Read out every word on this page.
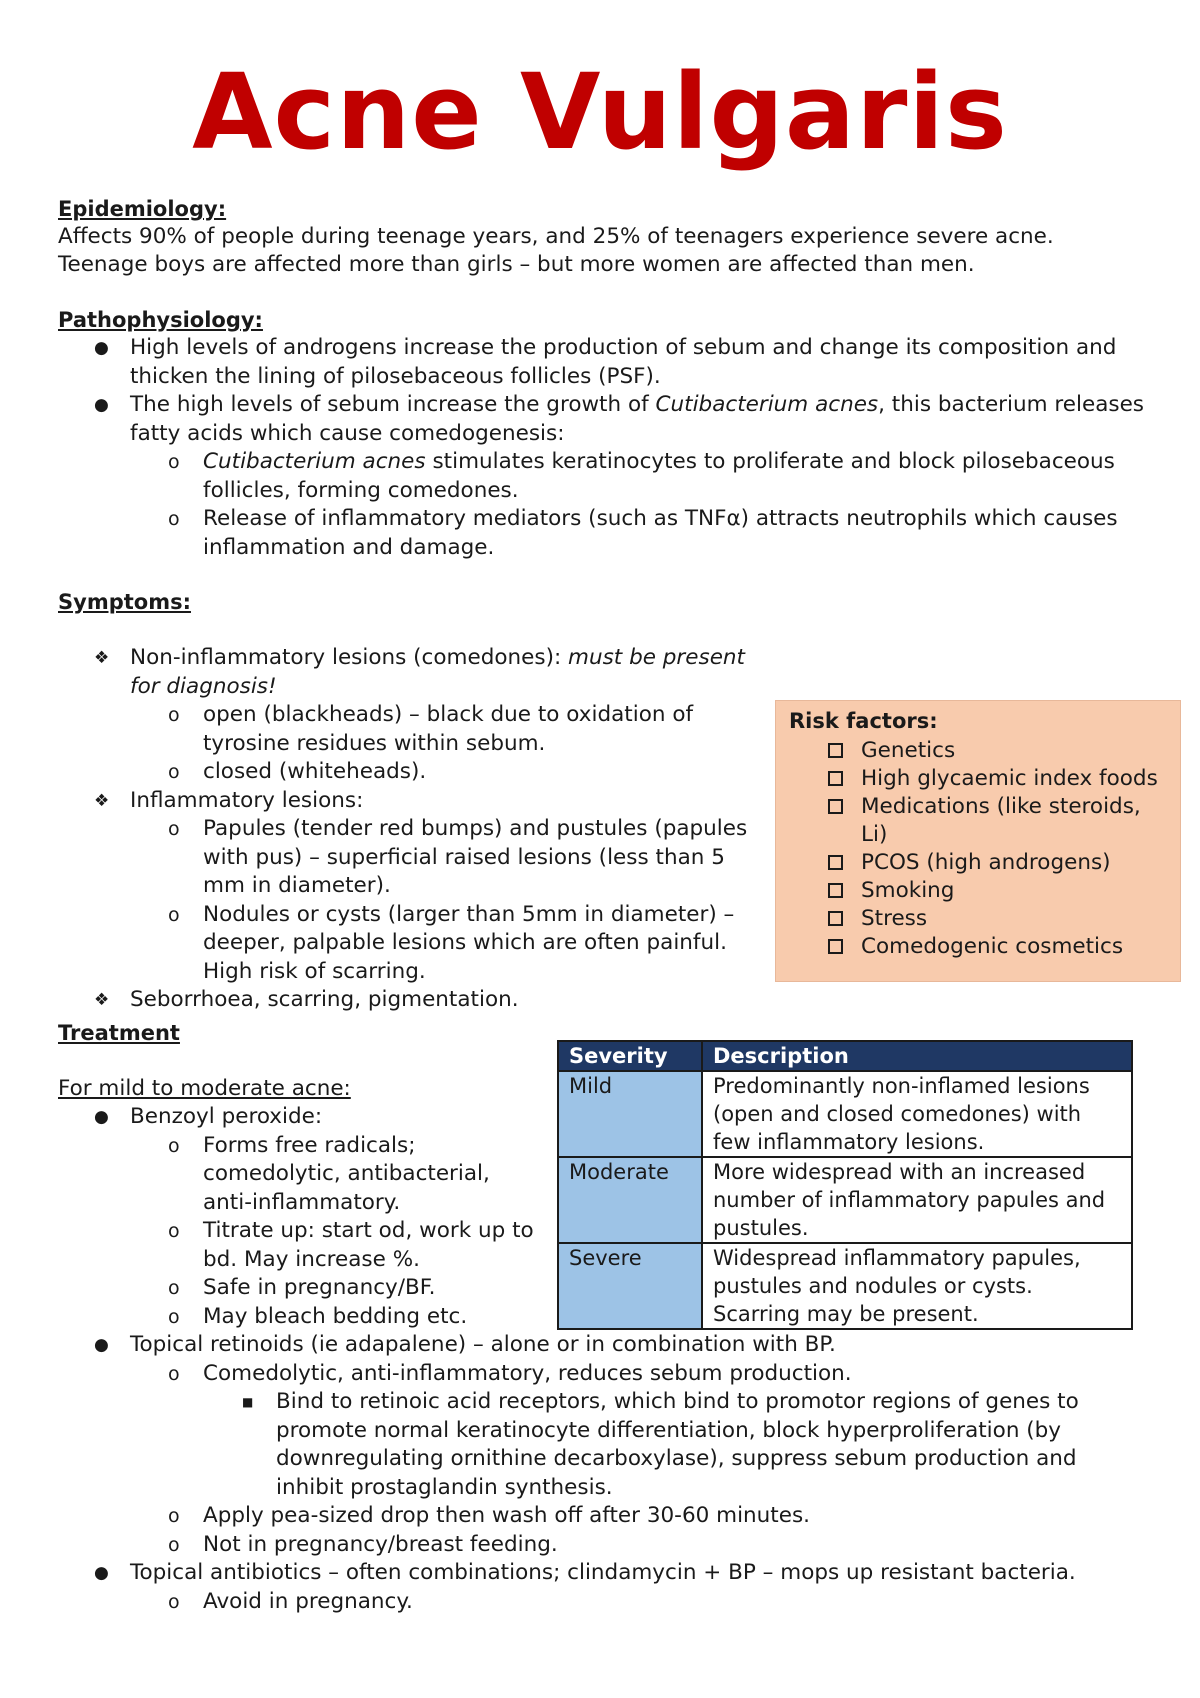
Acne Vulgaris
Epidemiology:
Affects 90% of people during teenage years, and 25% of teenagers experience severe acne.
Teenage boys are affected more than girls – but more women are affected than men.
Pathophysiology:
● High levels of androgens increase the production of sebum and change its composition and thicken the lining of pilosebaceous follicles (PSF).
● The high levels of sebum increase the growth of Cutibacterium acnes, this bacterium releases fatty acids which cause comedogenesis:
o Cutibacterium acnes stimulates keratinocytes to proliferate and block pilosebaceous follicles, forming comedones.
o Release of inflammatory mediators (such as TNFα) attracts neutrophils which causes inflammation and damage.
Symptoms:
❖ Non-inflammatory lesions (comedones): must be present for diagnosis!
o open (blackheads) – black due to oxidation of tyrosine residues within sebum.
o closed (whiteheads).
❖ Inflammatory lesions:
o Papules (tender red bumps) and pustules (papules with pus) – superficial raised lesions (less than 5 mm in diameter).
o Nodules or cysts (larger than 5mm in diameter) – deeper, palpable lesions which are often painful. High risk of scarring.
❖ Seborrhoea, scarring, pigmentation.
Risk factors:
Genetics
High glycaemic index foods
Medications (like steroids, Li)
PCOS (high androgens)
Smoking
Stress
Comedogenic cosmetics
Treatment
For mild to moderate acne:
● Benzoyl peroxide:
o Forms free radicals; comedolytic, antibacterial, anti-inflammatory.
o Titrate up: start od, work up to bd. May increase %.
o Safe in pregnancy/BF.
o May bleach bedding etc.
● Topical retinoids (ie adapalene) – alone or in combination with BP.
o Comedolytic, anti-inflammatory, reduces sebum production.
■ Bind to retinoic acid receptors, which bind to promotor regions of genes to promote normal keratinocyte differentiation, block hyperproliferation (by downregulating ornithine decarboxylase), suppress sebum production and inhibit prostaglandin synthesis.
o Apply pea-sized drop then wash off after 30-60 minutes.
o Not in pregnancy/breast feeding.
● Topical antibiotics – often combinations; clindamycin + BP – mops up resistant bacteria.
o Avoid in pregnancy.
Severity	Description
Mild	Predominantly non-inflamed lesions (open and closed comedones) with few inflammatory lesions.
Moderate	More widespread with an increased number of inflammatory papules and pustules.
Severe	Widespread inflammatory papules, pustules and nodules or cysts. Scarring may be present.
